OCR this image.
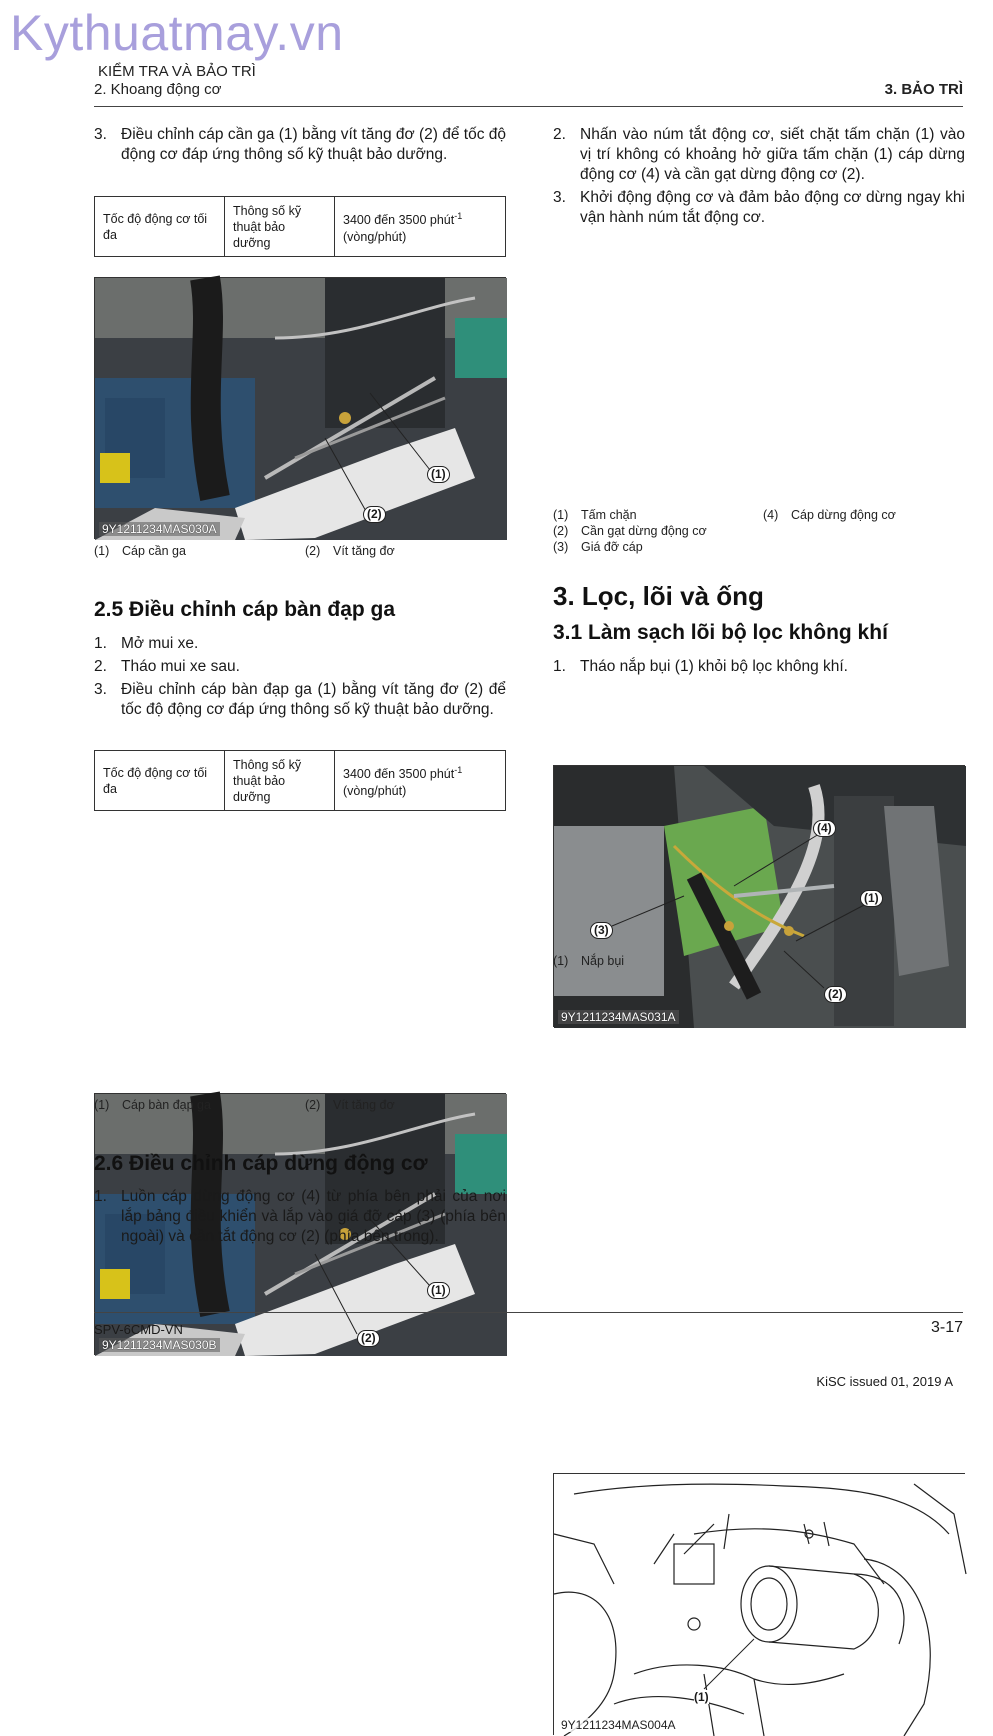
Kythuatmay.vn
KIỂM TRA VÀ BẢO TRÌ
2. Khoang động cơ	3. BẢO TRÌ
3. Điều chỉnh cáp cần ga (1) bằng vít tăng đơ (2) để tốc độ động cơ đáp ứng thông số kỹ thuật bảo dưỡng.
Tốc độ động cơ tối đa	Thông số kỹ thuật bảo dưỡng	3400 đến 3500 phút$^{-1}$
(vòng/phút)
(1)
(2)
9Y1211234MAS030A
(1)	Cáp cần ga	(2)	Vít tăng đơ
2.5 Điều chỉnh cáp bàn đạp ga
1. Mở mui xe.
2. Tháo mui xe sau.
3. Điều chỉnh cáp bàn đạp ga (1) bằng vít tăng đơ (2) để tốc độ động cơ đáp ứng thông số kỹ thuật bảo dưỡng.
Tốc độ động cơ tối đa	Thông số kỹ thuật bảo dưỡng	3400 đến 3500 phút$^{-1}$
(vòng/phút)
(1)
(2)
9Y1211234MAS030B
(1)	Cáp bàn đạp ga	(2)	Vít tăng đơ
2.6 Điều chỉnh cáp dừng động cơ
1. Luồn cáp dừng động cơ (4) từ phía bên phải của nơi lắp bảng điều khiển và lắp vào giá đỡ cáp (3) (phía bên ngoài) và cần tắt động cơ (2) (phía bên trong).
2. Nhấn vào núm tắt động cơ, siết chặt tấm chặn (1) vào vị trí không có khoảng hở giữa tấm chặn (1) cáp dừng động cơ (4) và cần gạt dừng động cơ (2).
3. Khởi động động cơ và đảm bảo động cơ dừng ngay khi vận hành núm tắt động cơ.
(4)
(1)
(3)
(2)
9Y1211234MAS031A
(1)	Tấm chặn	(4)	Cáp dừng động cơ
(2)	Cần gạt dừng động cơ
(3)	Giá đỡ cáp
3. Lọc, lõi và ống
3.1 Làm sạch lõi bộ lọc không khí
1. Tháo nắp bụi (1) khỏi bộ lọc không khí.
(1)
9Y1211234MAS004A
(1)	Nắp bụi
SPV-6CMD-VN	3-17
KiSC issued 01, 2019 A
